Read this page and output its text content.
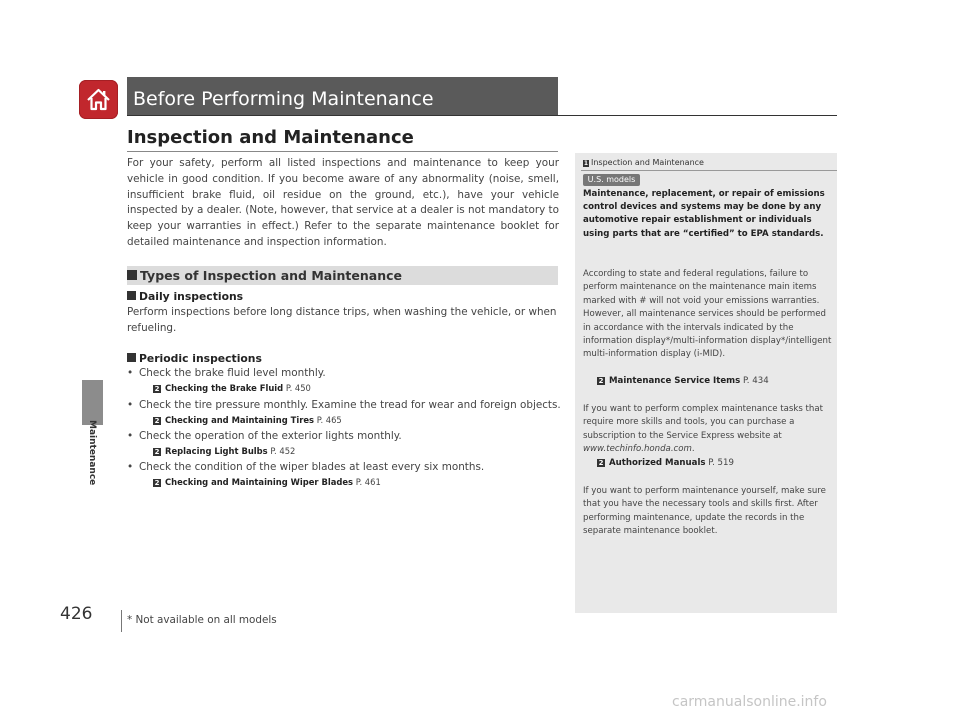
Before Performing Maintenance
Maintenance
426
Inspection and Maintenance

For your safety, perform all listed inspections and maintenance to keep your vehicle in good condition. If you become aware of any abnormality (noise, smell, insufficient brake fluid, oil residue on the ground, etc.), have your vehicle inspected by a dealer. (Note, however, that service at a dealer is not mandatory to keep your warranties in effect.) Refer to the separate maintenance booklet for detailed maintenance and inspection information.

Types of Inspection and Maintenance
Daily inspections

Perform inspections before long distance trips, when washing the vehicle, or when refueling.

Periodic inspections
• Check the brake fluid level monthly.
2 Checking the Brake Fluid P. 450
• Check the tire pressure monthly. Examine the tread for wear and foreign objects.
2 Checking and Maintaining Tires P. 465
• Check the operation of the exterior lights monthly.
2 Replacing Light Bulbs P. 452
• Check the condition of the wiper blades at least every six months.
2 Checking and Maintaining Wiper Blades P. 461
1 Inspection and Maintenance
U.S. models

Maintenance, replacement, or repair of emissions control devices and systems may be done by any automotive repair establishment or individuals using parts that are “certified” to EPA standards.

According to state and federal regulations, failure to perform maintenance on the maintenance main items marked with # will not void your emissions warranties. However, all maintenance services should be performed in accordance with the intervals indicated by the information display*/multi-information display*/intelligent multi-information display (i-MID).

2 Maintenance Service Items P. 434

If you want to perform complex maintenance tasks that require more skills and tools, you can purchase a subscription to the Service Express website at www.techinfo.honda.com.

2 Authorized Manuals P. 519

If you want to perform maintenance yourself, make sure that you have the necessary tools and skills first. After performing maintenance, update the records in the separate maintenance booklet.

* Not available on all models
carmanualsonline.info
